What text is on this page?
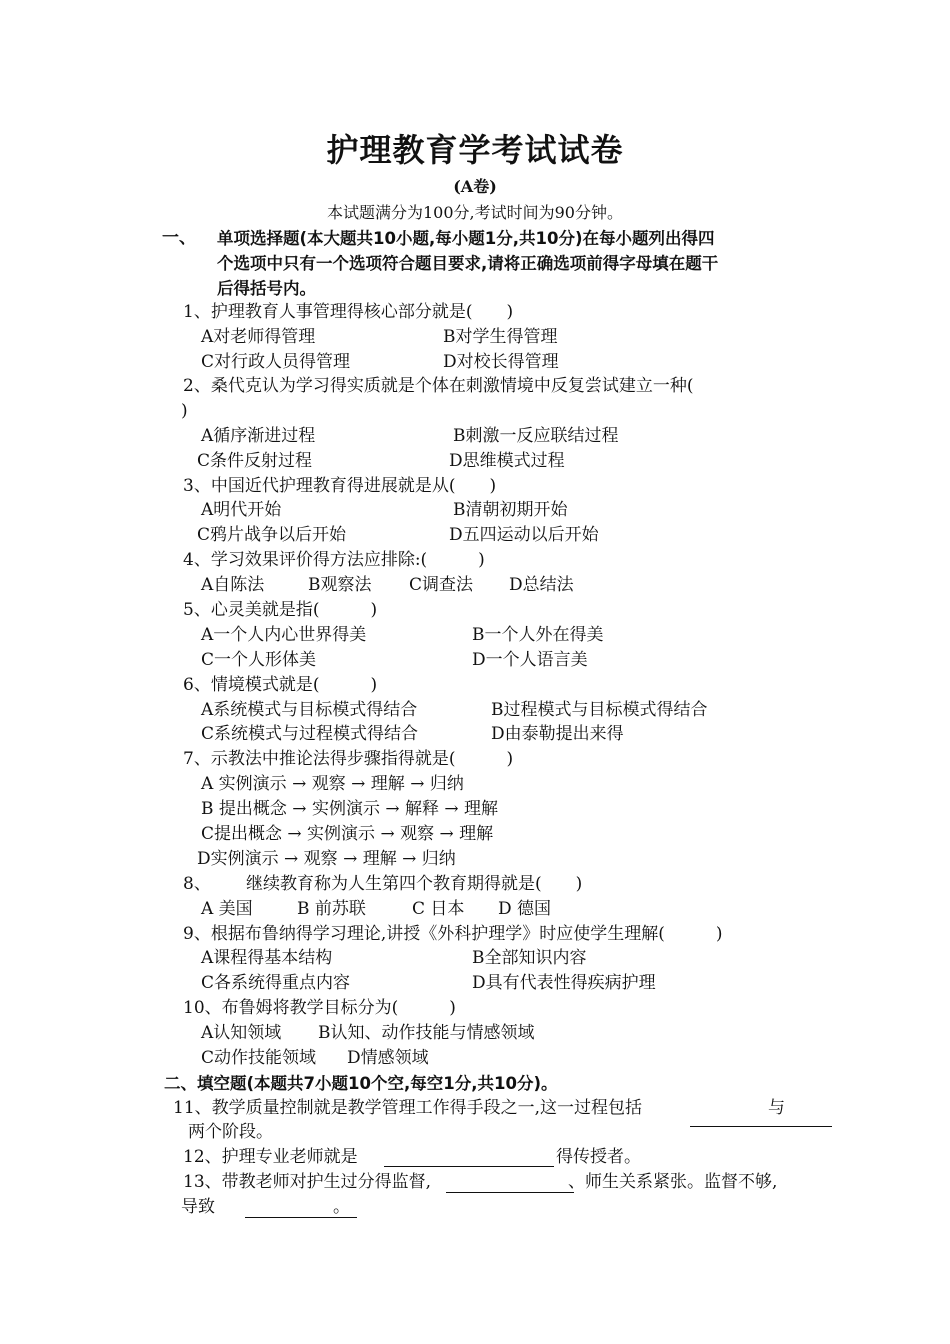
护理教育学考试试卷
(A卷)
本试题满分为100分,考试时间为90分钟。
一、 单项选择题(本大题共10小题,每小题1分,共10分)在每小题列出得四
个选项中只有一个选项符合题目要求,请将正确选项前得字母填在题干
后得括号内。
1、护理教育人事管理得核心部分就是(　　)
A对老师得管理	B对学生得管理
C对行政人员得管理	D对校长得管理
2、桑代克认为学习得实质就是个体在刺激情境中反复尝试建立一种(
)
A循序渐进过程	B刺激一反应联结过程
C条件反射过程	D思维模式过程
3、中国近代护理教育得进展就是从(　　)
A明代开始	B清朝初期开始
C鸦片战争以后开始	D五四运动以后开始
4、学习效果评价得方法应排除:(　　　)
A自陈法	B观察法 C调查法 D总结法
5、心灵美就是指(　　　)
A一个人内心世界得美	B一个人外在得美
C一个人形体美	D一个人语言美
6、情境模式就是(　　　)
A系统模式与目标模式得结合	B过程模式与目标模式得结合
C系统模式与过程模式得结合	D由泰勒提出来得
7、示教法中推论法得步骤指得就是(　　　)
A 实例演示 → 观察 → 理解 → 归纳
B 提出概念 → 实例演示 → 解释 → 理解
C提出概念 → 实例演示 → 观察 → 理解
D实例演示 → 观察 → 理解 → 归纳
8、 继续教育称为人生第四个教育期得就是(　　)
A 美国	B 前苏联	C 日本 D 德国
9、根据布鲁纳得学习理论,讲授《外科护理学》时应使学生理解(　　　)
A课程得基本结构	B全部知识内容
C各系统得重点内容	D具有代表性得疾病护理
10、布鲁姆将教学目标分为(　　　)
A认知领域 B认知、动作技能与情感领域
C动作技能领域 D情感领域
二、填空题(本题共7小题10个空,每空1分,共10分)。
11、教学质量控制就是教学管理工作得手段之一,这一过程包括	与
两个阶段。
12、护理专业老师就是	得传授者。
13、带教老师对护生过分得监督,	、师生关系紧张。监督不够,
导致	。
